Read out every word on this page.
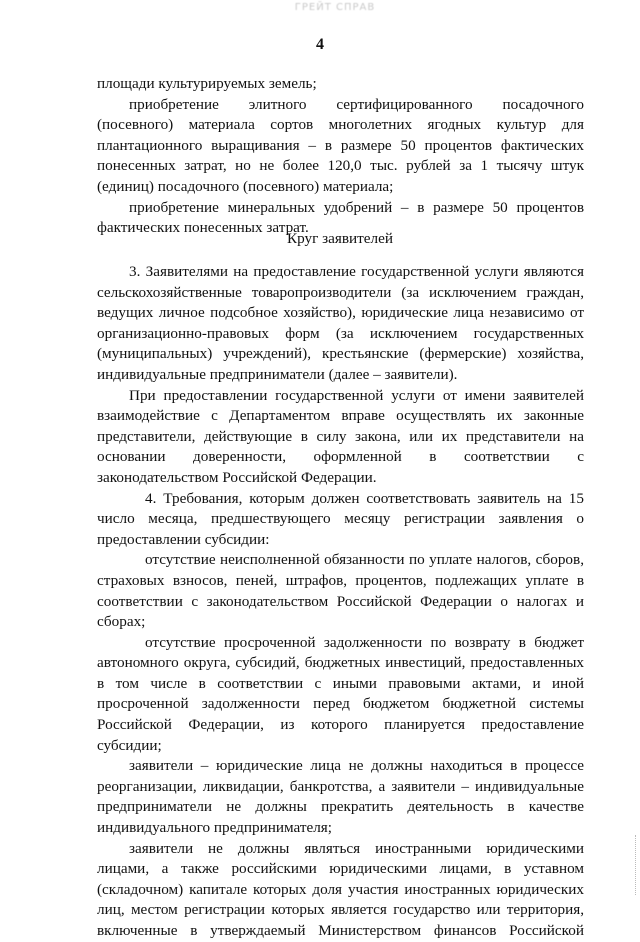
ГРЕЙТ СПРАВ
4

площади культурируемых земель;

приобретение элитного сертифицированного посадочного (посевного) материала сортов многолетних ягодных культур для плантационного выращивания – в размере 50 процентов фактических понесенных затрат, но не более 120,0 тыс. рублей за 1 тысячу штук (единиц) посадочного (посевного) материала;

приобретение минеральных удобрений – в размере 50 процентов фактических понесенных затрат.

Круг заявителей

3. Заявителями на предоставление государственной услуги являются сельскохозяйственные товаропроизводители (за исключением граждан, ведущих личное подсобное хозяйство), юридические лица независимо от организационно-правовых форм (за исключением государственных (муниципальных) учреждений), крестьянские (фермерские) хозяйства, индивидуальные предприниматели (далее – заявители).

При предоставлении государственной услуги от имени заявителей взаимодействие с Департаментом вправе осуществлять их законные представители, действующие в силу закона, или их представители на основании доверенности, оформленной в соответствии с законодательством Российской Федерации.

4. Требования, которым должен соответствовать заявитель на 15 число месяца, предшествующего месяцу регистрации заявления о предоставлении субсидии:

отсутствие неисполненной обязанности по уплате налогов, сборов, страховых взносов, пеней, штрафов, процентов, подлежащих уплате в соответствии с законодательством Российской Федерации о налогах и сборах;

отсутствие просроченной задолженности по возврату в бюджет автономного округа, субсидий, бюджетных инвестиций, предоставленных в том числе в соответствии с иными правовыми актами, и иной просроченной задолженности перед бюджетом бюджетной системы Российской Федерации, из которого планируется предоставление субсидии;

заявители – юридические лица не должны находиться в процессе реорганизации, ликвидации, банкротства, а заявители – индивидуальные предприниматели не должны прекратить деятельность в качестве индивидуального предпринимателя;

заявители не должны являться иностранными юридическими лицами, а также российскими юридическими лицами, в уставном (складочном) капитале которых доля участия иностранных юридических лиц, местом регистрации которых является государство или территория, включенные в утверждаемый Министерством финансов Российской
